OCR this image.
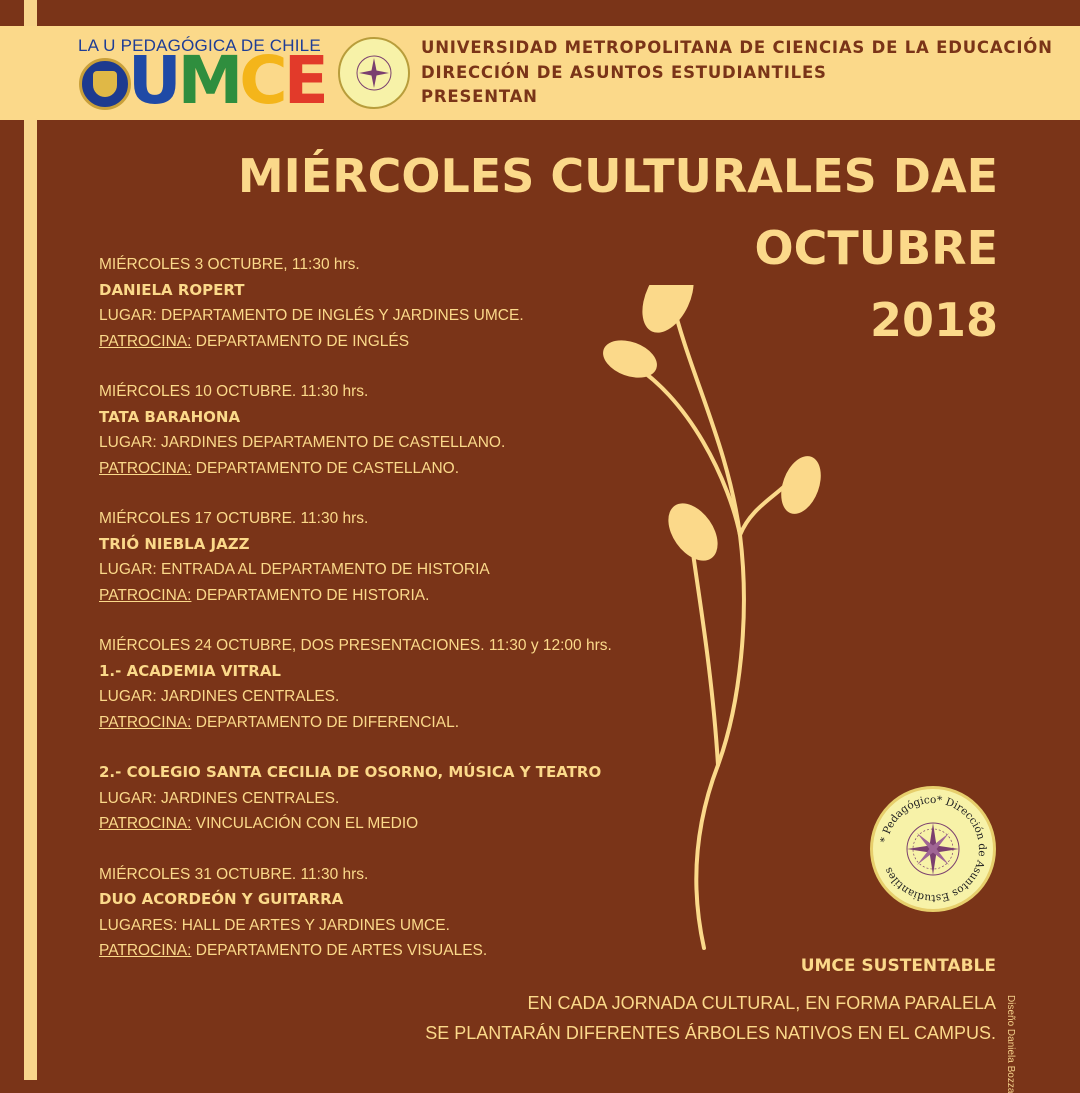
LA U PEDAGÓGICA DE CHILE
UMCE	UNIVERSIDAD METROPOLITANA DE CIENCIAS DE LA EDUCACIÓN
DIRECCIÓN DE ASUNTOS ESTUDIANTILES
PRESENTAN
MIÉRCOLES CULTURALES DAE
OCTUBRE
2018
MIÉRCOLES 3 OCTUBRE, 11:30 hrs.
DANIELA ROPERT
LUGAR: DEPARTAMENTO DE INGLÉS Y JARDINES UMCE.
PATROCINA: DEPARTAMENTO DE INGLÉS
MIÉRCOLES 10 OCTUBRE. 11:30 hrs.
TATA BARAHONA
LUGAR: JARDINES DEPARTAMENTO DE CASTELLANO.
PATROCINA: DEPARTAMENTO DE CASTELLANO.
MIÉRCOLES 17 OCTUBRE. 11:30 hrs.
TRIÓ NIEBLA JAZZ
LUGAR: ENTRADA AL DEPARTAMENTO DE HISTORIA
PATROCINA: DEPARTAMENTO DE HISTORIA.
MIÉRCOLES 24 OCTUBRE, DOS PRESENTACIONES. 11:30 y 12:00 hrs.
1.- ACADEMIA VITRAL
LUGAR: JARDINES CENTRALES.
PATROCINA: DEPARTAMENTO DE DIFERENCIAL.
2.- COLEGIO SANTA CECILIA DE OSORNO, MÚSICA Y TEATRO
LUGAR: JARDINES CENTRALES.
PATROCINA: VINCULACIÓN CON EL MEDIO
MIÉRCOLES 31 OCTUBRE. 11:30 hrs.
DUO ACORDEÓN Y GUITARRA
LUGARES: HALL DE ARTES Y JARDINES UMCE.
PATROCINA: DEPARTAMENTO DE ARTES VISUALES.
* Pedagógico* Dirección de Asuntos Estudiantiles
UMCE SUSTENTABLE
EN CADA JORNADA CULTURAL, EN FORMA PARALELA
SE PLANTARÁN DIFERENTES ÁRBOLES NATIVOS EN EL CAMPUS. Diseño Daniela Bozza
